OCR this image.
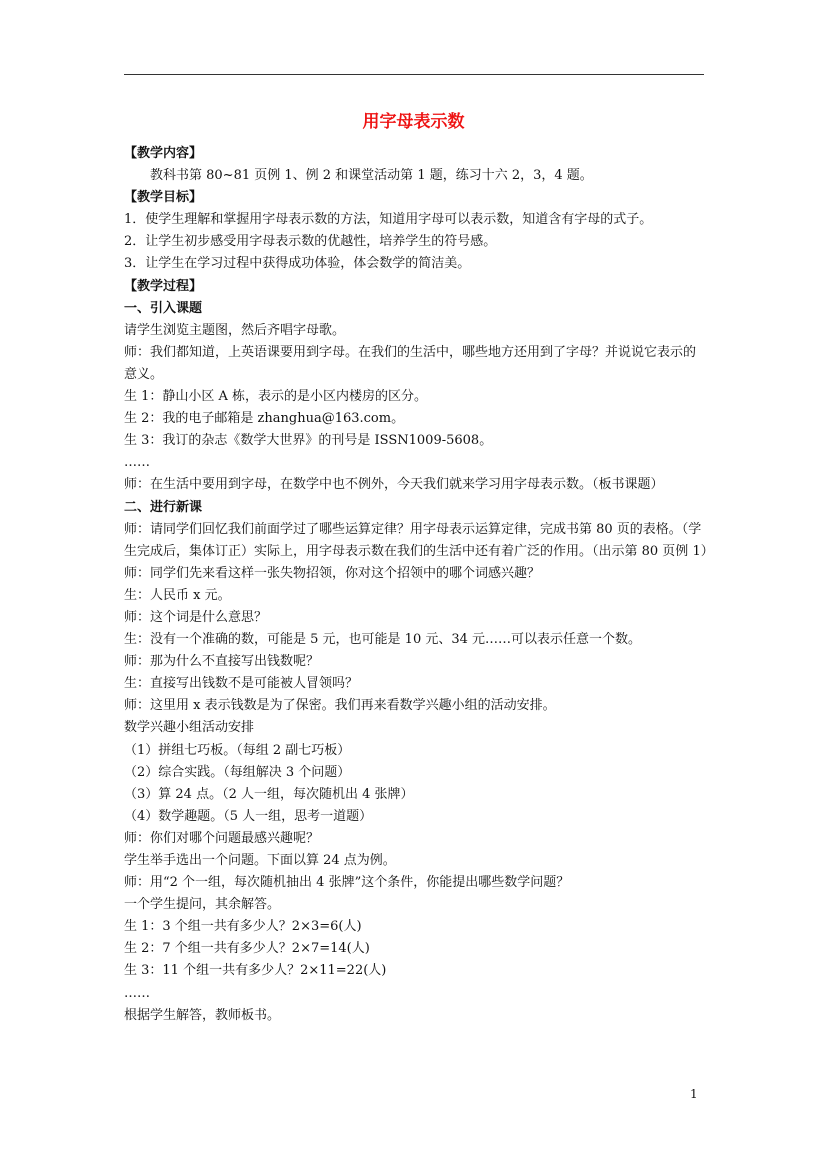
用字母表示数

【教学内容】

教科书第 80~81 页例 1、例 2 和课堂活动第 1 题，练习十六 2，3，4 题。

【教学目标】

1．使学生理解和掌握用字母表示数的方法，知道用字母可以表示数，知道含有字母的式子。

2．让学生初步感受用字母表示数的优越性，培养学生的符号感。

3．让学生在学习过程中获得成功体验，体会数学的简洁美。

【教学过程】

一、引入课题

请学生浏览主题图，然后齐唱字母歌。

师：我们都知道，上英语课要用到字母。在我们的生活中，哪些地方还用到了字母？并说说它表示的意义。

生 1：静山小区 A 栋，表示的是小区内楼房的区分。

生 2：我的电子邮箱是 zhanghua@163.com。

生 3：我订的杂志《数学大世界》的刊号是 ISSN1009-5608。

……

师：在生活中要用到字母，在数学中也不例外，今天我们就来学习用字母表示数。（板书课题）

二、进行新课

师：请同学们回忆我们前面学过了哪些运算定律？用字母表示运算定律，完成书第 80 页的表格。（学生完成后，集体订正）实际上，用字母表示数在我们的生活中还有着广泛的作用。（出示第 80 页例 1）

师：同学们先来看这样一张失物招领，你对这个招领中的哪个词感兴趣？

生：人民币 x 元。

师：这个词是什么意思？

生：没有一个准确的数，可能是 5 元，也可能是 10 元、34 元……可以表示任意一个数。

师：那为什么不直接写出钱数呢？

生：直接写出钱数不是可能被人冒领吗？

师：这里用 x 表示钱数是为了保密。我们再来看数学兴趣小组的活动安排。

数学兴趣小组活动安排

（1）拼组七巧板。（每组 2 副七巧板）

（2）综合实践。（每组解决 3 个问题）

（3）算 24 点。（2 人一组，每次随机出 4 张牌）

（4）数学趣题。（5 人一组，思考一道题）

师：你们对哪个问题最感兴趣呢？

学生举手选出一个问题。下面以算 24 点为例。

师：用“2 个一组，每次随机抽出 4 张牌”这个条件，你能提出哪些数学问题？

一个学生提问，其余解答。

生 1：3 个组一共有多少人？2×3=6(人)

生 2：7 个组一共有多少人？2×7=14(人)

生 3：11 个组一共有多少人？2×11=22(人)

……

根据学生解答，教师板书。

1
